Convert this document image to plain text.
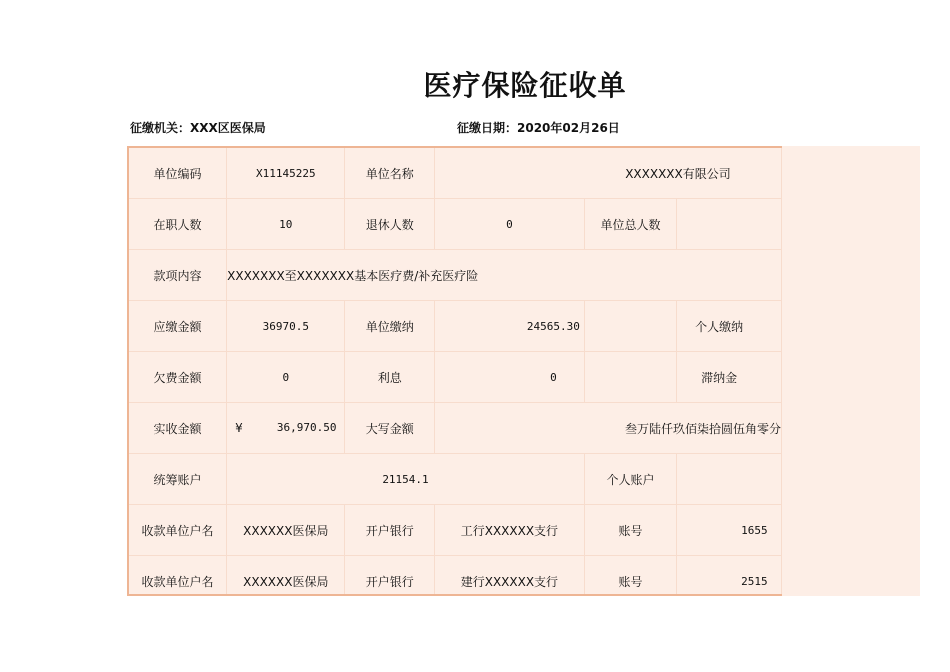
医疗保险征收单
征缴机关：XXX区医保局	征缴日期：2020年02月26日
单位编码	X11145225	单位名称	XXXXXXX有限公司		
在职人数	10	退休人数	0	单位总人数	
款项内容	XXXXXXX至XXXXXXX基本医疗费/补充医疗险				
应缴金额	36970.5	单位缴纳	24565.30		个人缴纳
欠费金额	0	利息	0		滞纳金
实收金额	¥ 36,970.50	大写金额	叁万陆仟玖佰柒拾圆伍角零分		
统筹账户	21154.1			个人账户	
收款单位户名	XXXXXX医保局	开户银行	工行XXXXXX支行	账号	1655
收款单位户名	XXXXXX医保局	开户银行	建行XXXXXX支行	账号	2515
